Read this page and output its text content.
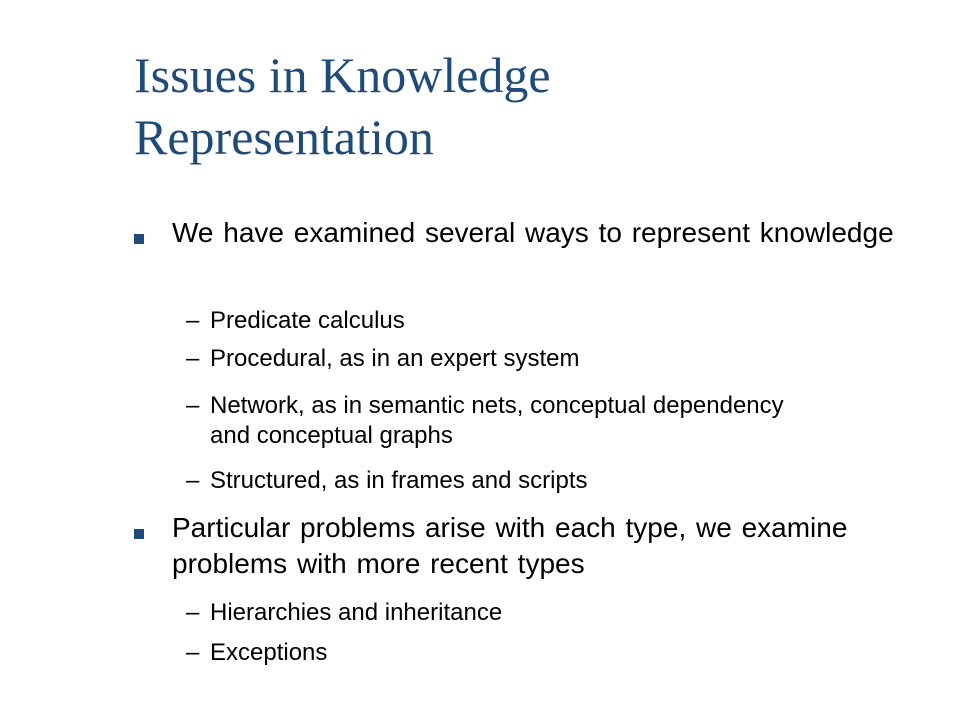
Issues in Knowledge
Representation
We have examined several ways to represent knowledge
– Predicate calculus
– Procedural, as in an expert system
– Network, as in semantic nets, conceptual dependency and conceptual graphs
– Structured, as in frames and scripts
Particular problems arise with each type, we examine problems with more recent types
– Hierarchies and inheritance
– Exceptions
